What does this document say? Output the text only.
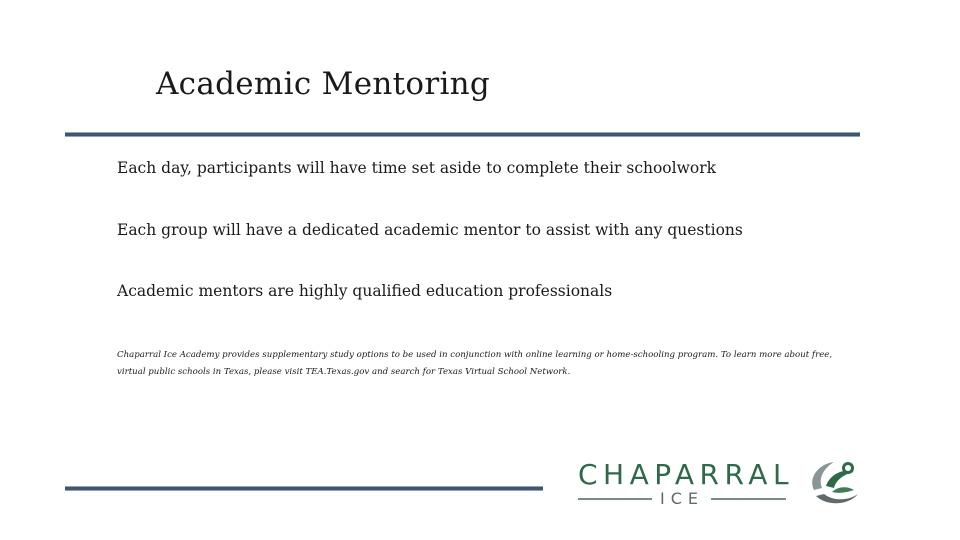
Academic Mentoring
Each day, participants will have time set aside to complete their schoolwork
Each group will have a dedicated academic mentor to assist with any questions
Academic mentors are highly qualified education professionals
Chaparral Ice Academy provides supplementary study options to be used in conjunction with online learning or home-schooling program. To learn more about free, virtual public schools in Texas, please visit TEA.Texas.gov and search for Texas Virtual School Network.
CHAPARRAL
ICE
